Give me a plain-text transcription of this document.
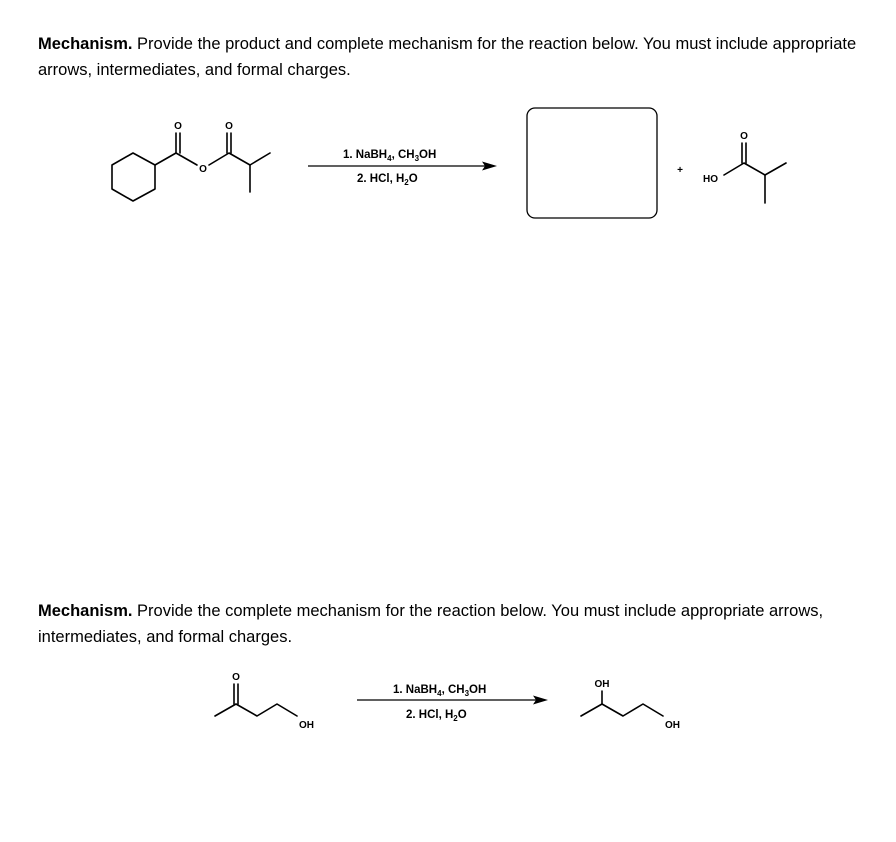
Mechanism. Provide the product and complete mechanism for the reaction below. You must include appropriate arrows, intermediates, and formal charges.
Mechanism. Provide the complete mechanism for the reaction below. You must include appropriate arrows, intermediates, and formal charges.
O
O
O
1. NaBH$_4$, $CH_3OH$
2. HCl, $H_2O$
+
HO
O
O
OH
1. NaBH$_4$, $CH_3OH$
2. HCl, $H_2O$
OH
OH
